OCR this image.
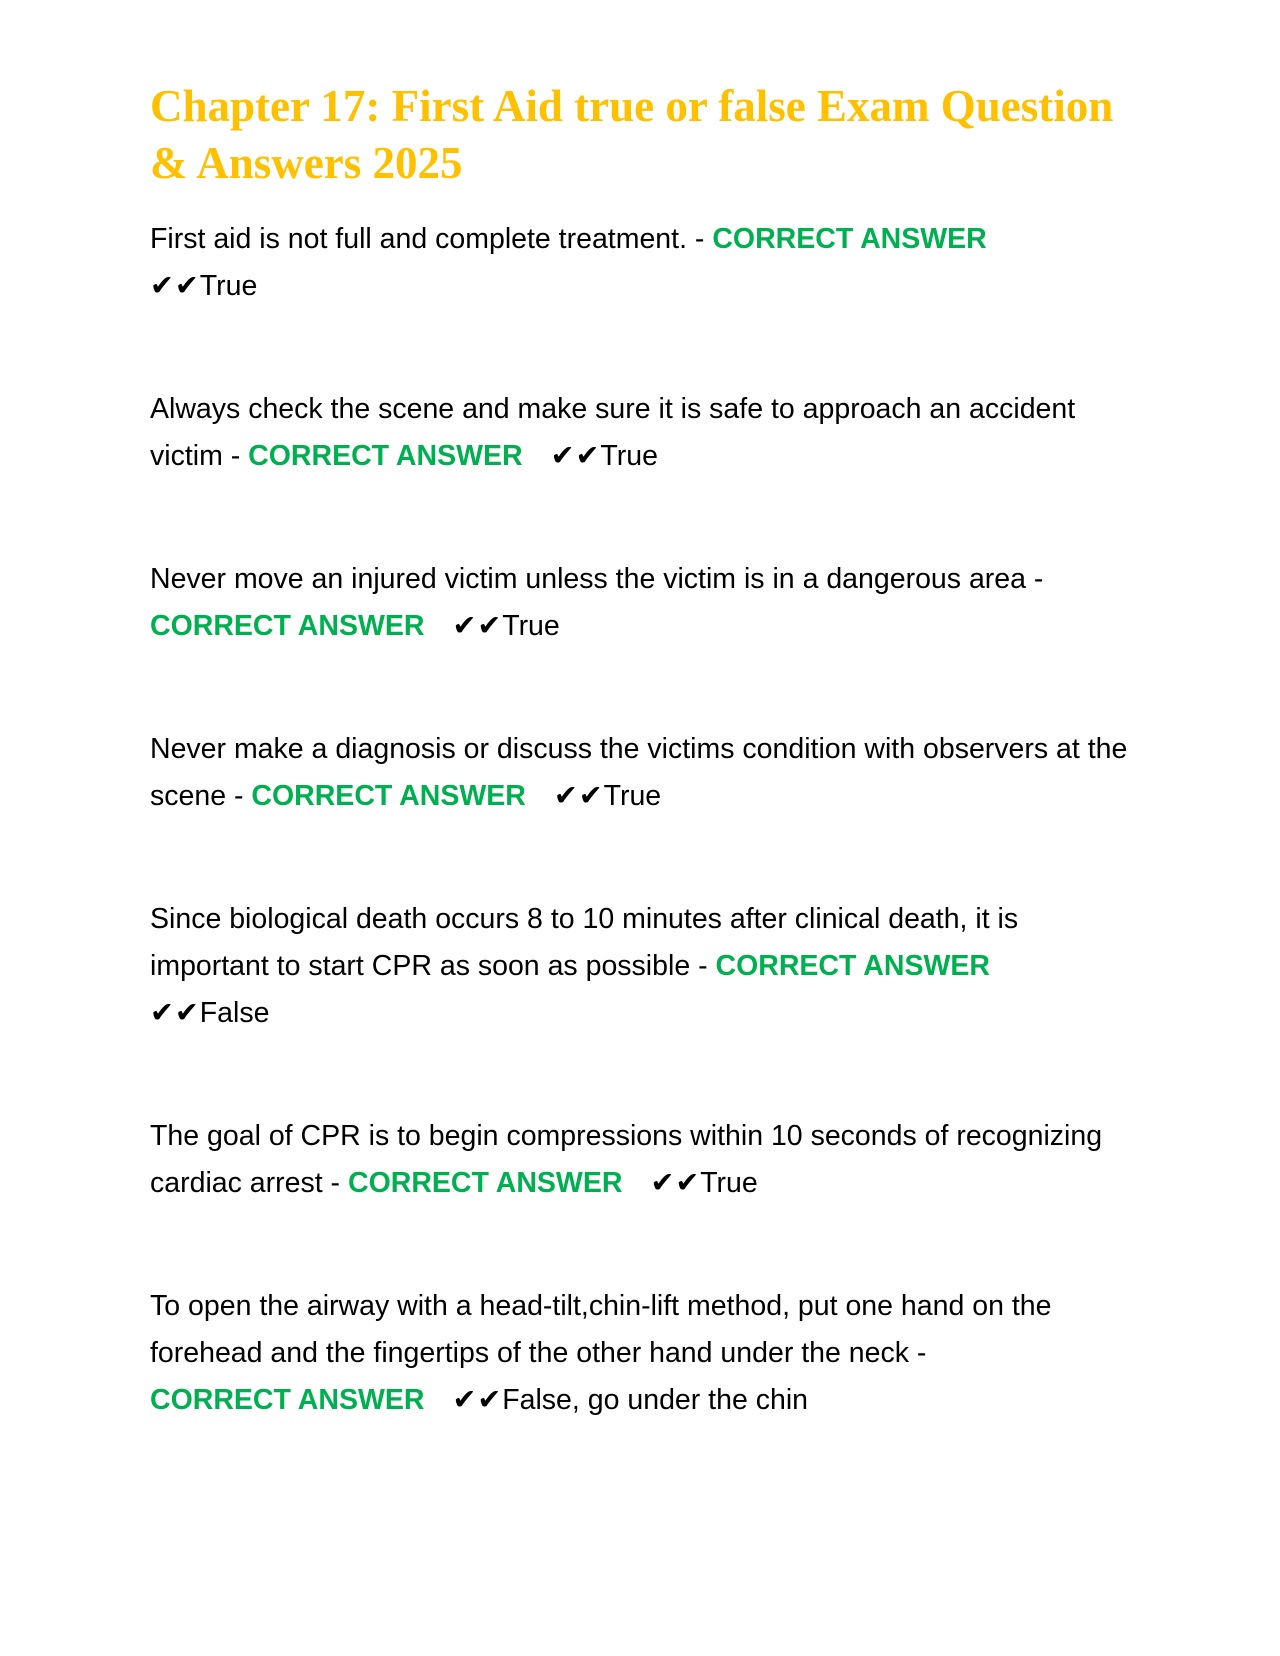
Chapter 17: First Aid true or false Exam Question & Answers 2025

First aid is not full and complete treatment. - CORRECT ANSWER
✔✔True

Always check the scene and make sure it is safe to approach an accident victim - CORRECT ANSWER ✔✔True

Never move an injured victim unless the victim is in a dangerous area -
CORRECT ANSWER ✔✔True

Never make a diagnosis or discuss the victims condition with observers at the scene - CORRECT ANSWER ✔✔True

Since biological death occurs 8 to 10 minutes after clinical death, it is important to start CPR as soon as possible - CORRECT ANSWER
✔✔False

The goal of CPR is to begin compressions within 10 seconds of recognizing cardiac arrest - CORRECT ANSWER ✔✔True

To open the airway with a head-tilt,chin-lift method, put one hand on the forehead and the fingertips of the other hand under the neck -
CORRECT ANSWER ✔✔False, go under the chin
